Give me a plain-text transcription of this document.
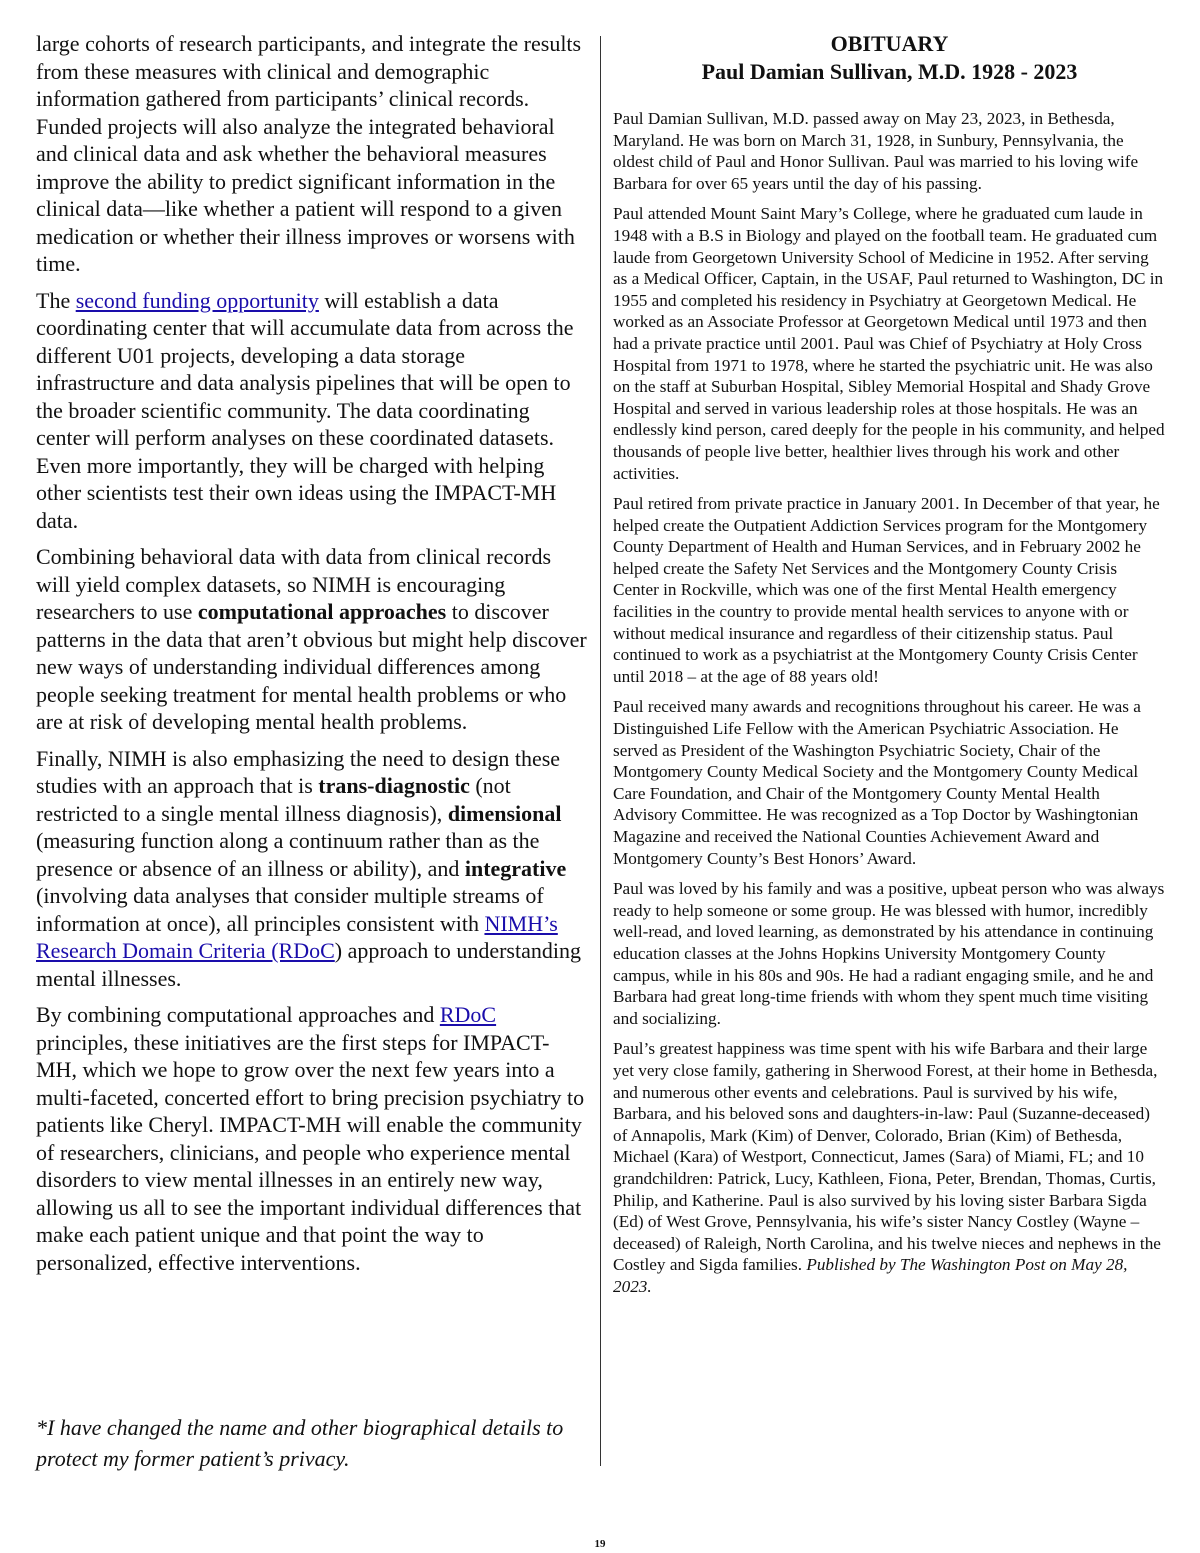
large cohorts of research participants, and integrate the results from these measures with clinical and demographic information gathered from participants’ clinical records. Funded projects will also analyze the integrated behavioral and clinical data and ask whether the behavioral measures improve the ability to predict significant information in the clinical data—like whether a patient will respond to a given medication or whether their illness improves or worsens with time.

The second funding opportunity will establish a data coordinating center that will accumulate data from across the different U01 projects, developing a data storage infrastructure and data analysis pipelines that will be open to the broader scientific community. The data coordinating center will perform analyses on these coordinated datasets. Even more importantly, they will be charged with helping other scientists test their own ideas using the IMPACT-MH data.

Combining behavioral data with data from clinical records will yield complex datasets, so NIMH is encouraging researchers to use computational approaches to discover patterns in the data that aren’t obvious but might help discover new ways of understanding individual differences among people seeking treatment for mental health problems or who are at risk of developing mental health problems.

Finally, NIMH is also emphasizing the need to design these studies with an approach that is trans-diagnostic (not restricted to a single mental illness diagnosis), dimensional (measuring function along a continuum rather than as the presence or absence of an illness or ability), and integrative (involving data analyses that consider multiple streams of information at once), all principles consistent with NIMH’s Research Domain Criteria (RDoC) approach to understanding mental illnesses.

By combining computational approaches and RDoC principles, these initiatives are the first steps for IMPACT-MH, which we hope to grow over the next few years into a multi-faceted, concerted effort to bring precision psychiatry to patients like Cheryl. IMPACT-MH will enable the community of researchers, clinicians, and people who experience mental disorders to view mental illnesses in an entirely new way, allowing us all to see the important individual differences that make each patient unique and that point the way to personalized, effective interventions.

*I have changed the name and other biographical details to protect my former patient’s privacy.
OBITUARY
Paul Damian Sullivan, M.D. 1928 - 2023

Paul Damian Sullivan, M.D. passed away on May 23, 2023, in Bethesda, Maryland. He was born on March 31, 1928, in Sunbury, Pennsylvania, the oldest child of Paul and Honor Sullivan. Paul was married to his loving wife Barbara for over 65 years until the day of his passing.

Paul attended Mount Saint Mary’s College, where he graduated cum laude in 1948 with a B.S in Biology and played on the football team. He graduated cum laude from Georgetown University School of Medicine in 1952. After serving as a Medical Officer, Captain, in the USAF, Paul returned to Washington, DC in 1955 and completed his residency in Psychiatry at Georgetown Medical. He worked as an Associate Professor at Georgetown Medical until 1973 and then had a private practice until 2001. Paul was Chief of Psychiatry at Holy Cross Hospital from 1971 to 1978, where he started the psychiatric unit. He was also on the staff at Suburban Hospital, Sibley Memorial Hospital and Shady Grove Hospital and served in various leadership roles at those hospitals. He was an endlessly kind person, cared deeply for the people in his community, and helped thousands of people live better, healthier lives through his work and other activities.

Paul retired from private practice in January 2001. In December of that year, he helped create the Outpatient Addiction Services program for the Montgomery County Department of Health and Human Services, and in February 2002 he helped create the Safety Net Services and the Montgomery County Crisis Center in Rockville, which was one of the first Mental Health emergency facilities in the country to provide mental health services to anyone with or without medical insurance and regardless of their citizenship status. Paul continued to work as a psychiatrist at the Montgomery County Crisis Center until 2018 – at the age of 88 years old!

Paul received many awards and recognitions throughout his career. He was a Distinguished Life Fellow with the American Psychiatric Association. He served as President of the Washington Psychiatric Society, Chair of the Montgomery County Medical Society and the Montgomery County Medical Care Foundation, and Chair of the Montgomery County Mental Health Advisory Committee. He was recognized as a Top Doctor by Washingtonian Magazine and received the National Counties Achievement Award and Montgomery County’s Best Honors’ Award.

Paul was loved by his family and was a positive, upbeat person who was always ready to help someone or some group. He was blessed with humor, incredibly well-read, and loved learning, as demonstrated by his attendance in continuing education classes at the Johns Hopkins University Montgomery County campus, while in his 80s and 90s. He had a radiant engaging smile, and he and Barbara had great long-time friends with whom they spent much time visiting and socializing.

Paul’s greatest happiness was time spent with his wife Barbara and their large yet very close family, gathering in Sherwood Forest, at their home in Bethesda, and numerous other events and celebrations. Paul is survived by his wife, Barbara, and his beloved sons and daughters-in-law: Paul (Suzanne-deceased) of Annapolis, Mark (Kim) of Denver, Colorado, Brian (Kim) of Bethesda, Michael (Kara) of Westport, Connecticut, James (Sara) of Miami, FL; and 10 grandchildren: Patrick, Lucy, Kathleen, Fiona, Peter, Brendan, Thomas, Curtis, Philip, and Katherine. Paul is also survived by his loving sister Barbara Sigda (Ed) of West Grove, Pennsylvania, his wife’s sister Nancy Costley (Wayne – deceased) of Raleigh, North Carolina, and his twelve nieces and nephews in the Costley and Sigda families. Published by The Washington Post on May 28, 2023.

19
